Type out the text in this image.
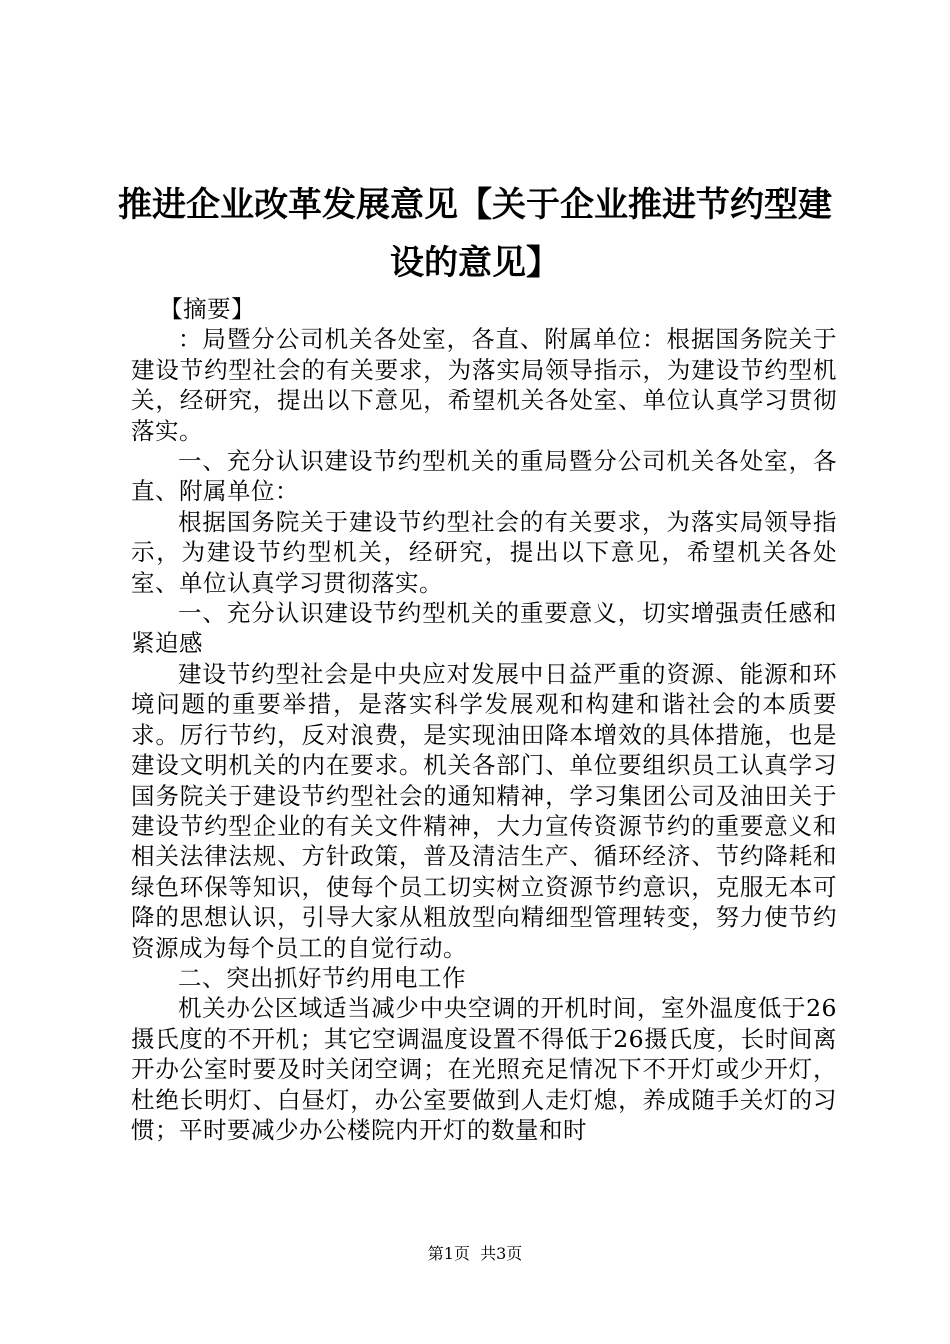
推进企业改革发展意见【关于企业推进节约型建设的意见】

【摘要】

：局暨分公司机关各处室，各直、附属单位：根据国务院关于建设节约型社会的有关要求，为落实局领导指示，为建设节约型机关，经研究，提出以下意见，希望机关各处室、单位认真学习贯彻落实。

一、充分认识建设节约型机关的重局暨分公司机关各处室，各直、附属单位：

根据国务院关于建设节约型社会的有关要求，为落实局领导指示，为建设节约型机关，经研究，提出以下意见，希望机关各处室、单位认真学习贯彻落实。

一、充分认识建设节约型机关的重要意义，切实增强责任感和紧迫感

建设节约型社会是中央应对发展中日益严重的资源、能源和环境问题的重要举措，是落实科学发展观和构建和谐社会的本质要求。厉行节约，反对浪费，是实现油田降本增效的具体措施，也是建设文明机关的内在要求。机关各部门、单位要组织员工认真学习国务院关于建设节约型社会的通知精神，学习集团公司及油田关于建设节约型企业的有关文件精神，大力宣传资源节约的重要意义和相关法律法规、方针政策，普及清洁生产、循环经济、节约降耗和绿色环保等知识，使每个员工切实树立资源节约意识，克服无本可降的思想认识，引导大家从粗放型向精细型管理转变，努力使节约资源成为每个员工的自觉行动。

二、突出抓好节约用电工作

机关办公区域适当减少中央空调的开机时间，室外温度低于26摄氏度的不开机；其它空调温度设置不得低于26摄氏度，长时间离开办公室时要及时关闭空调；在光照充足情况下不开灯或少开灯，杜绝长明灯、白昼灯，办公室要做到人走灯熄，养成随手关灯的习惯；平时要减少办公楼院内开灯的数量和时

第1页 共3页
